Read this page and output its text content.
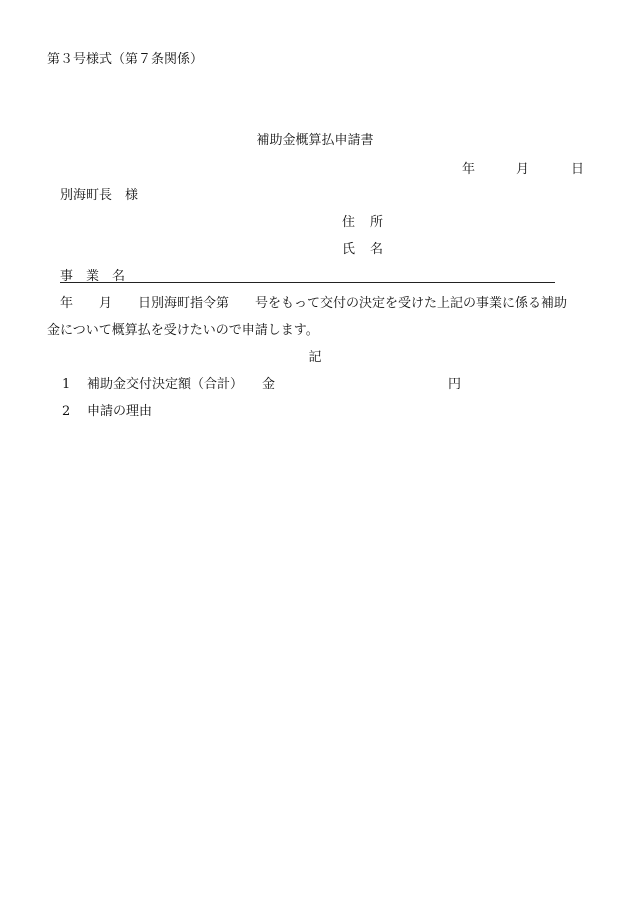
第３号様式（第７条関係）
補助金概算払申請書
年	月	日
別海町長　様
住　所
氏　名
事　業　名
年　　月　　日別海町指令第　　号をもって交付の決定を受けた上記の事業に係る補助
金について概算払を受けたいので申請します。
記
1 補助金交付決定額（合計） 金	円
2 申請の理由
